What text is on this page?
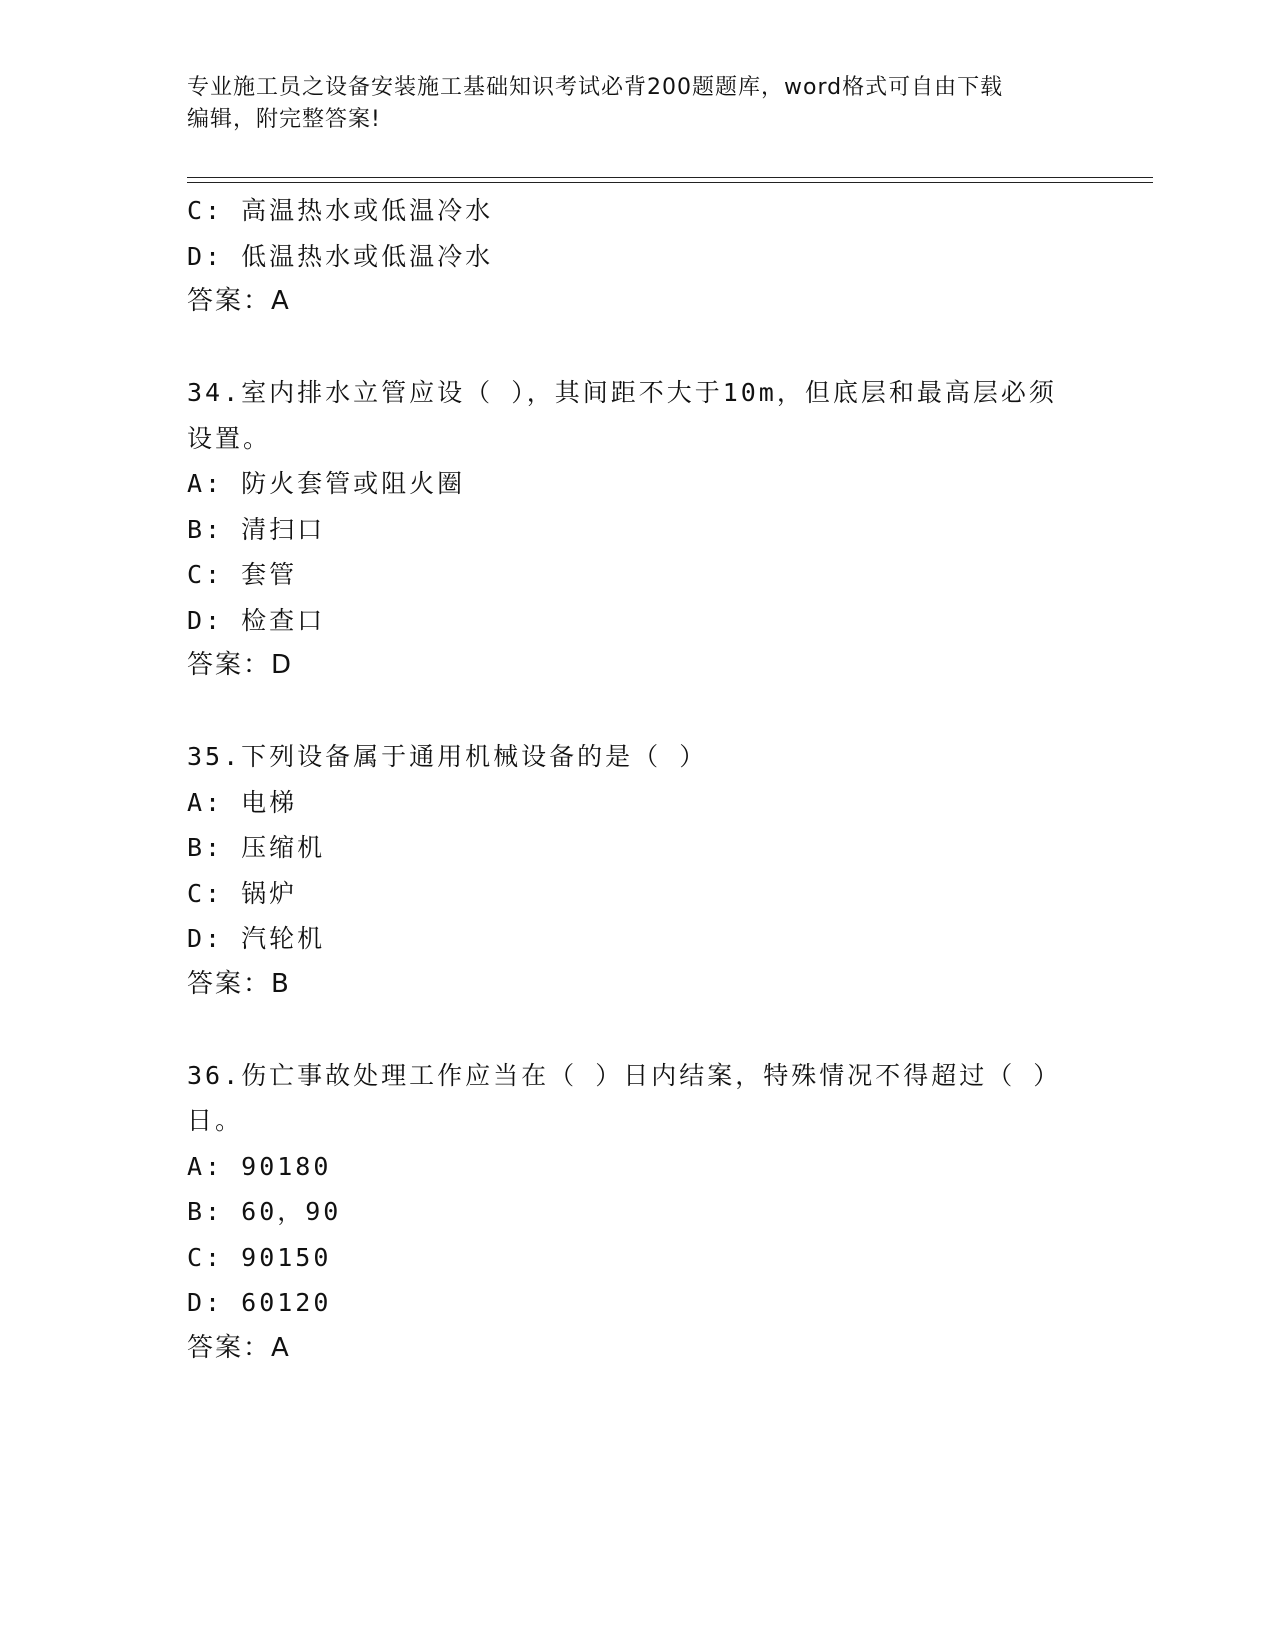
专业施工员之设备安装施工基础知识考试必背200题题库，word格式可自由下载
编辑，附完整答案!
C: 高温热水或低温冷水
D: 低温热水或低温冷水
答案：A
34.室内排水立管应设（ ），其间距不大于10m，但底层和最高层必须
设置。
A: 防火套管或阻火圈
B: 清扫口
C: 套管
D: 检查口
答案：D
35.下列设备属于通用机械设备的是（ ）
A: 电梯
B: 压缩机
C: 锅炉
D: 汽轮机
答案：B
36.伤亡事故处理工作应当在（ ）日内结案，特殊情况不得超过（ ）
日。
A: 90180
B: 60，90
C: 90150
D: 60120
答案：A
